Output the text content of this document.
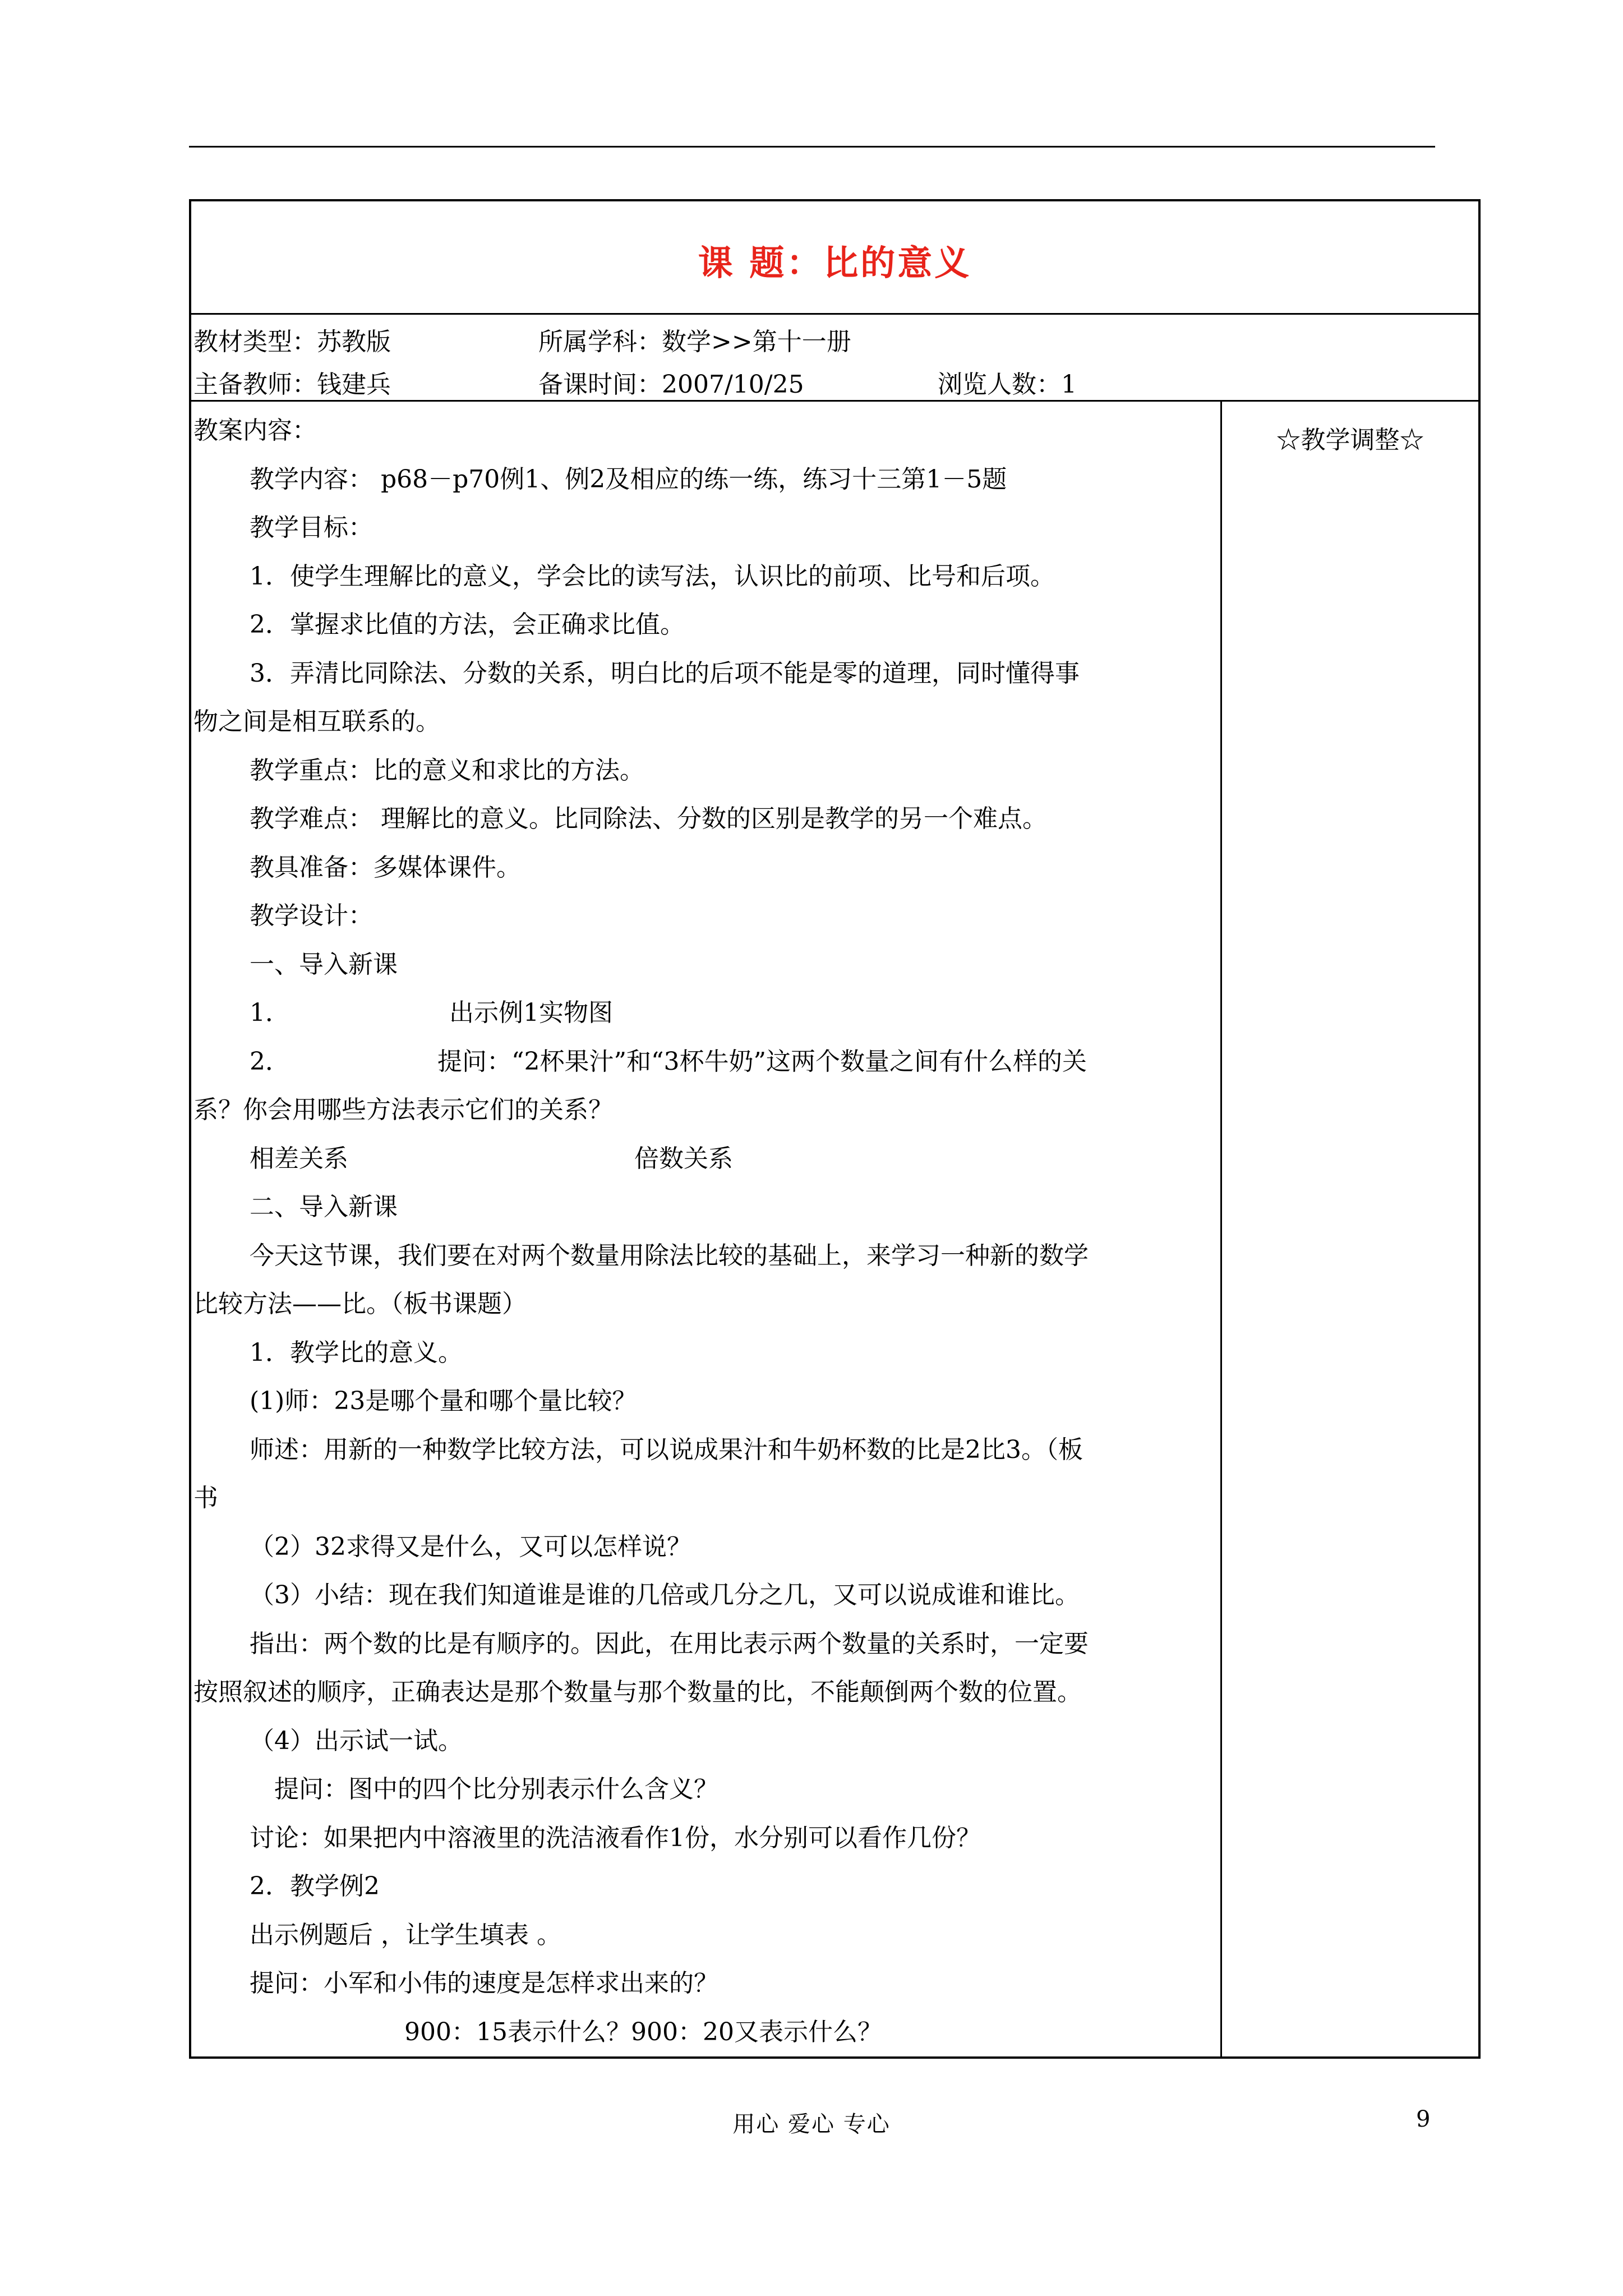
课 题：比的意义
教材类型：苏教版	所属学科：数学>>第十一册
主备教师：钱建兵	备课时间：2007/10/25	浏览人数：1
教案内容：
教学内容： p68－p70例1、例2及相应的练一练，练习十三第1－5题
教学目标：
1．使学生理解比的意义，学会比的读写法，认识比的前项、比号和后项。
2．掌握求比值的方法，会正确求比值。
3．弄清比同除法、分数的关系，明白比的后项不能是零的道理，同时懂得事
物之间是相互联系的。
教学重点：比的意义和求比的方法。
教学难点： 理解比的意义。比同除法、分数的区别是教学的另一个难点。
教具准备：多媒体课件。
教学设计：
一、导入新课
1．	出示例1实物图
2．	提问：“2杯果汁”和“3杯牛奶”这两个数量之间有什么样的关
系？你会用哪些方法表示它们的关系？
相差关系	倍数关系
二、导入新课
今天这节课，我们要在对两个数量用除法比较的基础上，来学习一种新的数学
比较方法——比。（板书课题）
1．教学比的意义。
(1)师：23是哪个量和哪个量比较？
师述：用新的一种数学比较方法，可以说成果汁和牛奶杯数的比是2比3。（板
书
（2）32求得又是什么，又可以怎样说？
（3）小结：现在我们知道谁是谁的几倍或几分之几，又可以说成谁和谁比。
指出：两个数的比是有顺序的。因此，在用比表示两个数量的关系时，一定要
按照叙述的顺序，正确表达是那个数量与那个数量的比，不能颠倒两个数的位置。
（4）出示试一试。
提问：图中的四个比分别表示什么含义？
讨论：如果把内中溶液里的洗洁液看作1份，水分别可以看作几份？
2．教学例2
出示例题后 ，让学生填表 。
提问：小军和小伟的速度是怎样求出来的？
900：15表示什么？900：20又表示什么？
☆教学调整☆
用心 爱心 专心	9
